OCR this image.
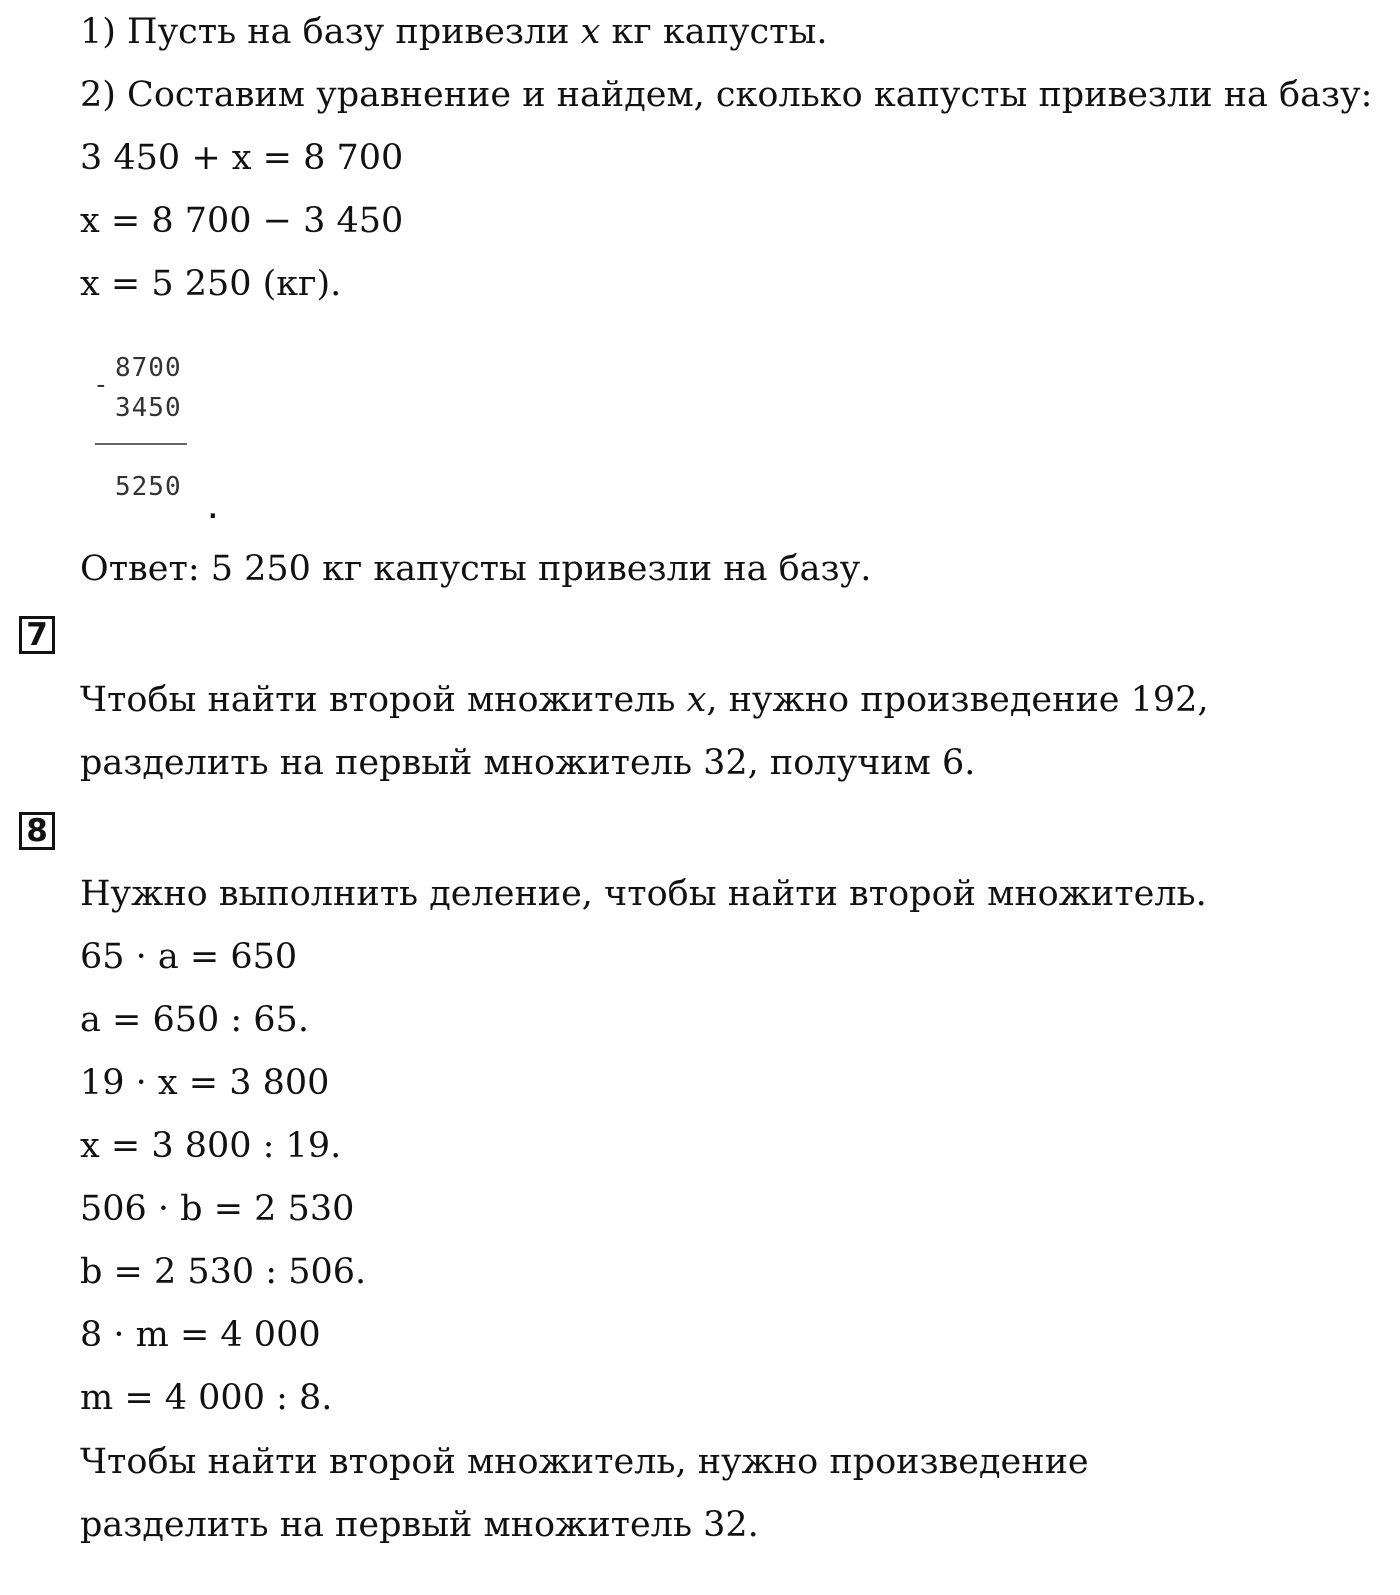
1) Пусть на базу привезли x кг капусты.

2) Составим уравнение и найдем, сколько капусты привезли на базу:

3 450 + x = 8 700

x = 8 700 − 3 450

x = 5 250 (кг).

-
8700
3450
5250
.

Ответ: 5 250 кг капусты привезли на базу.

7

Чтобы найти второй множитель x, нужно произведение 192,

разделить на первый множитель 32, получим 6.

8

Нужно выполнить деление, чтобы найти второй множитель.

65 · a = 650

a = 650 : 65.

19 · x = 3 800

x = 3 800 : 19.

506 · b = 2 530

b = 2 530 : 506.

8 · m = 4 000

m = 4 000 : 8.

Чтобы найти второй множитель, нужно произведение

разделить на первый множитель 32.
